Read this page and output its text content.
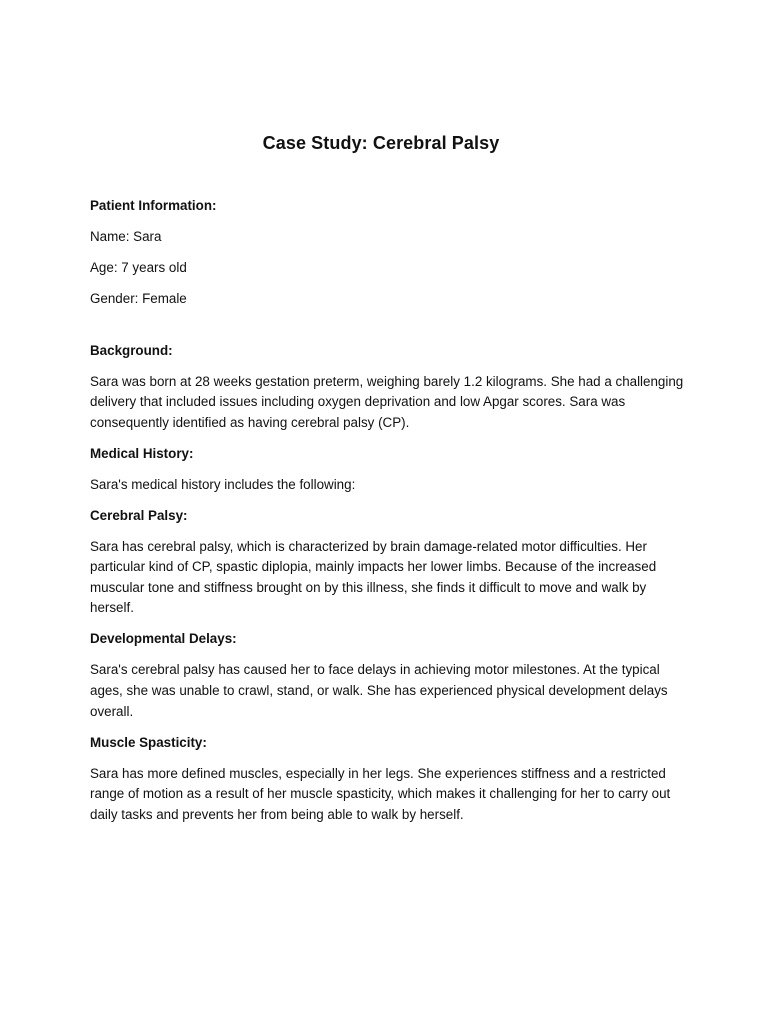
Case Study: Cerebral Palsy

Patient Information:

Name: Sara

Age: 7 years old

Gender: Female

Background:

Sara was born at 28 weeks gestation preterm, weighing barely 1.2 kilograms. She had a challenging delivery that included issues including oxygen deprivation and low Apgar scores. Sara was consequently identified as having cerebral palsy (CP).

Medical History:

Sara's medical history includes the following:

Cerebral Palsy:

Sara has cerebral palsy, which is characterized by brain damage-related motor difficulties. Her particular kind of CP, spastic diplopia, mainly impacts her lower limbs. Because of the increased muscular tone and stiffness brought on by this illness, she finds it difficult to move and walk by herself.

Developmental Delays:

Sara's cerebral palsy has caused her to face delays in achieving motor milestones. At the typical ages, she was unable to crawl, stand, or walk. She has experienced physical development delays overall.

Muscle Spasticity:

Sara has more defined muscles, especially in her legs. She experiences stiffness and a restricted range of motion as a result of her muscle spasticity, which makes it challenging for her to carry out daily tasks and prevents her from being able to walk by herself.
